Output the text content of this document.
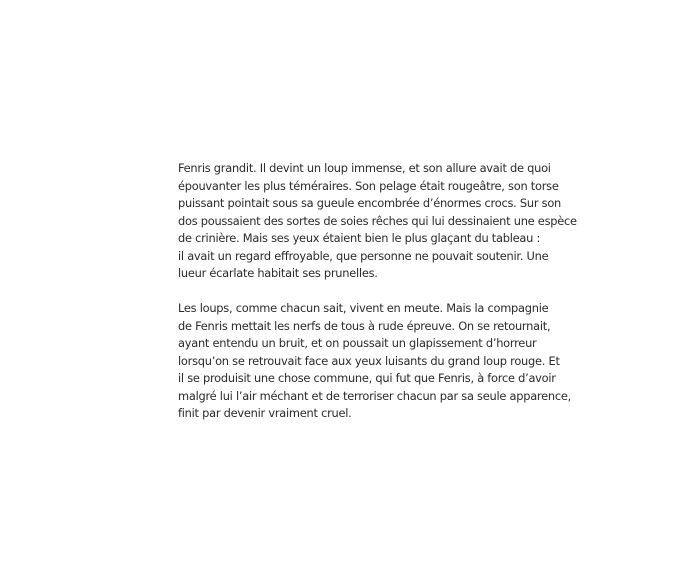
Fenris grandit. Il devint un loup immense, et son allure avait de quoi
épouvanter les plus téméraires. Son pelage était rougeâtre, son torse
puissant pointait sous sa gueule encombrée d’énormes crocs. Sur son
dos poussaient des sortes de soies rêches qui lui dessinaient une espèce
de crinière. Mais ses yeux étaient bien le plus glaçant du tableau :
il avait un regard effroyable, que personne ne pouvait soutenir. Une
lueur écarlate habitait ses prunelles.
Les loups, comme chacun sait, vivent en meute. Mais la compagnie
de Fenris mettait les nerfs de tous à rude épreuve. On se retournait,
ayant entendu un bruit, et on poussait un glapissement d’horreur
lorsqu’on se retrouvait face aux yeux luisants du grand loup rouge. Et
il se produisit une chose commune, qui fut que Fenris, à force d’avoir
malgré lui l’air méchant et de terroriser chacun par sa seule apparence,
finit par devenir vraiment cruel.
